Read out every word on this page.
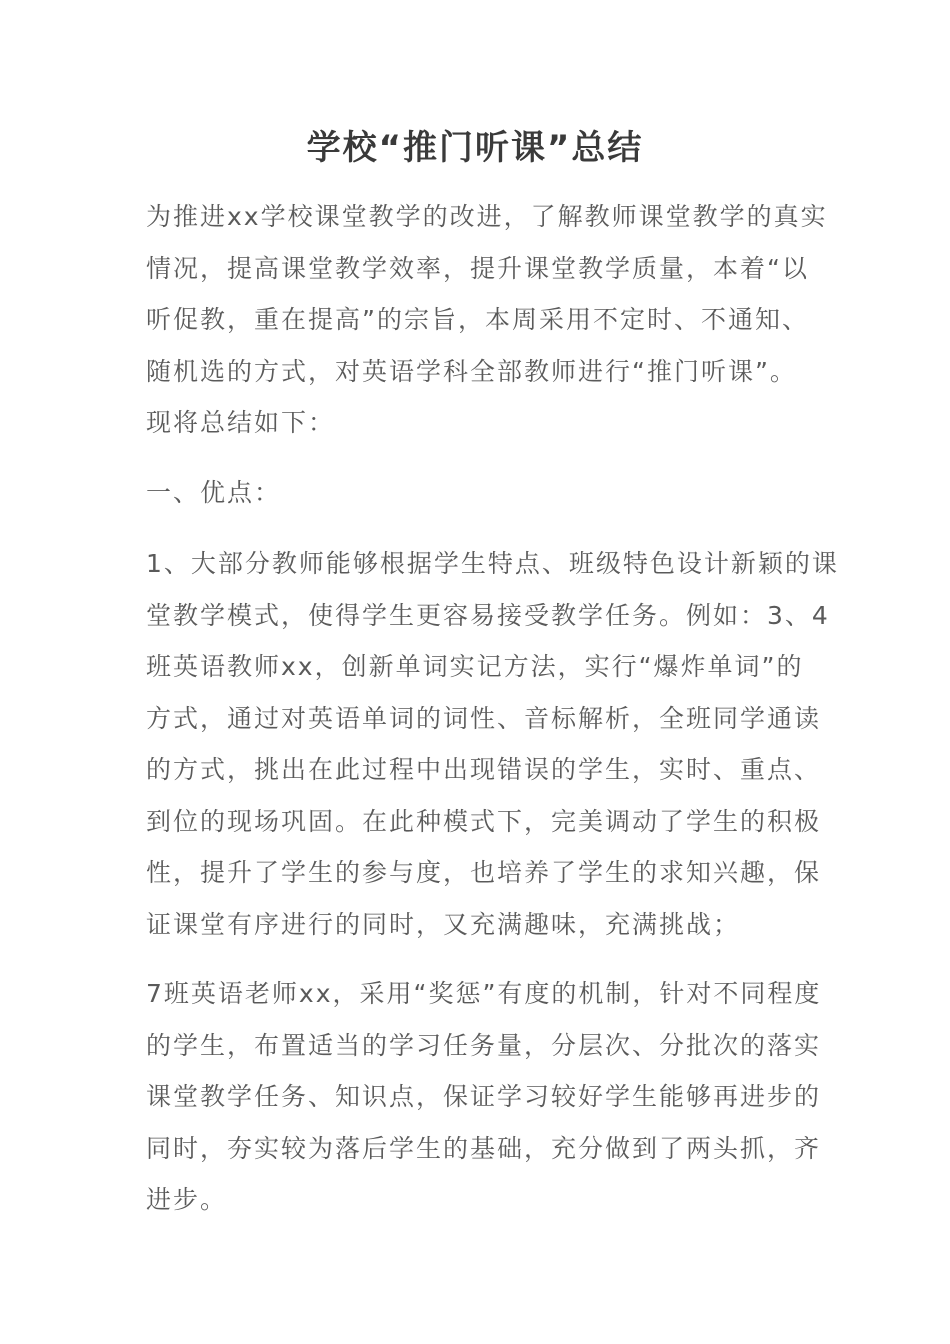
学校“推门听课”总结

为推进xx学校课堂教学的改进，了解教师课堂教学的真实
情况，提高课堂教学效率，提升课堂教学质量，本着“以
听促教，重在提高”的宗旨，本周采用不定时、不通知、
随机选的方式，对英语学科全部教师进行“推门听课”。
现将总结如下：

一、优点：

1、大部分教师能够根据学生特点、班级特色设计新颖的课
堂教学模式，使得学生更容易接受教学任务。例如：3、4
班英语教师xx，创新单词实记方法，实行“爆炸单词”的
方式，通过对英语单词的词性、音标解析，全班同学通读
的方式，挑出在此过程中出现错误的学生，实时、重点、
到位的现场巩固。在此种模式下，完美调动了学生的积极
性，提升了学生的参与度，也培养了学生的求知兴趣，保
证课堂有序进行的同时，又充满趣味，充满挑战；

7班英语老师xx，采用“奖惩”有度的机制，针对不同程度
的学生，布置适当的学习任务量，分层次、分批次的落实
课堂教学任务、知识点，保证学习较好学生能够再进步的
同时，夯实较为落后学生的基础，充分做到了两头抓，齐
进步。
